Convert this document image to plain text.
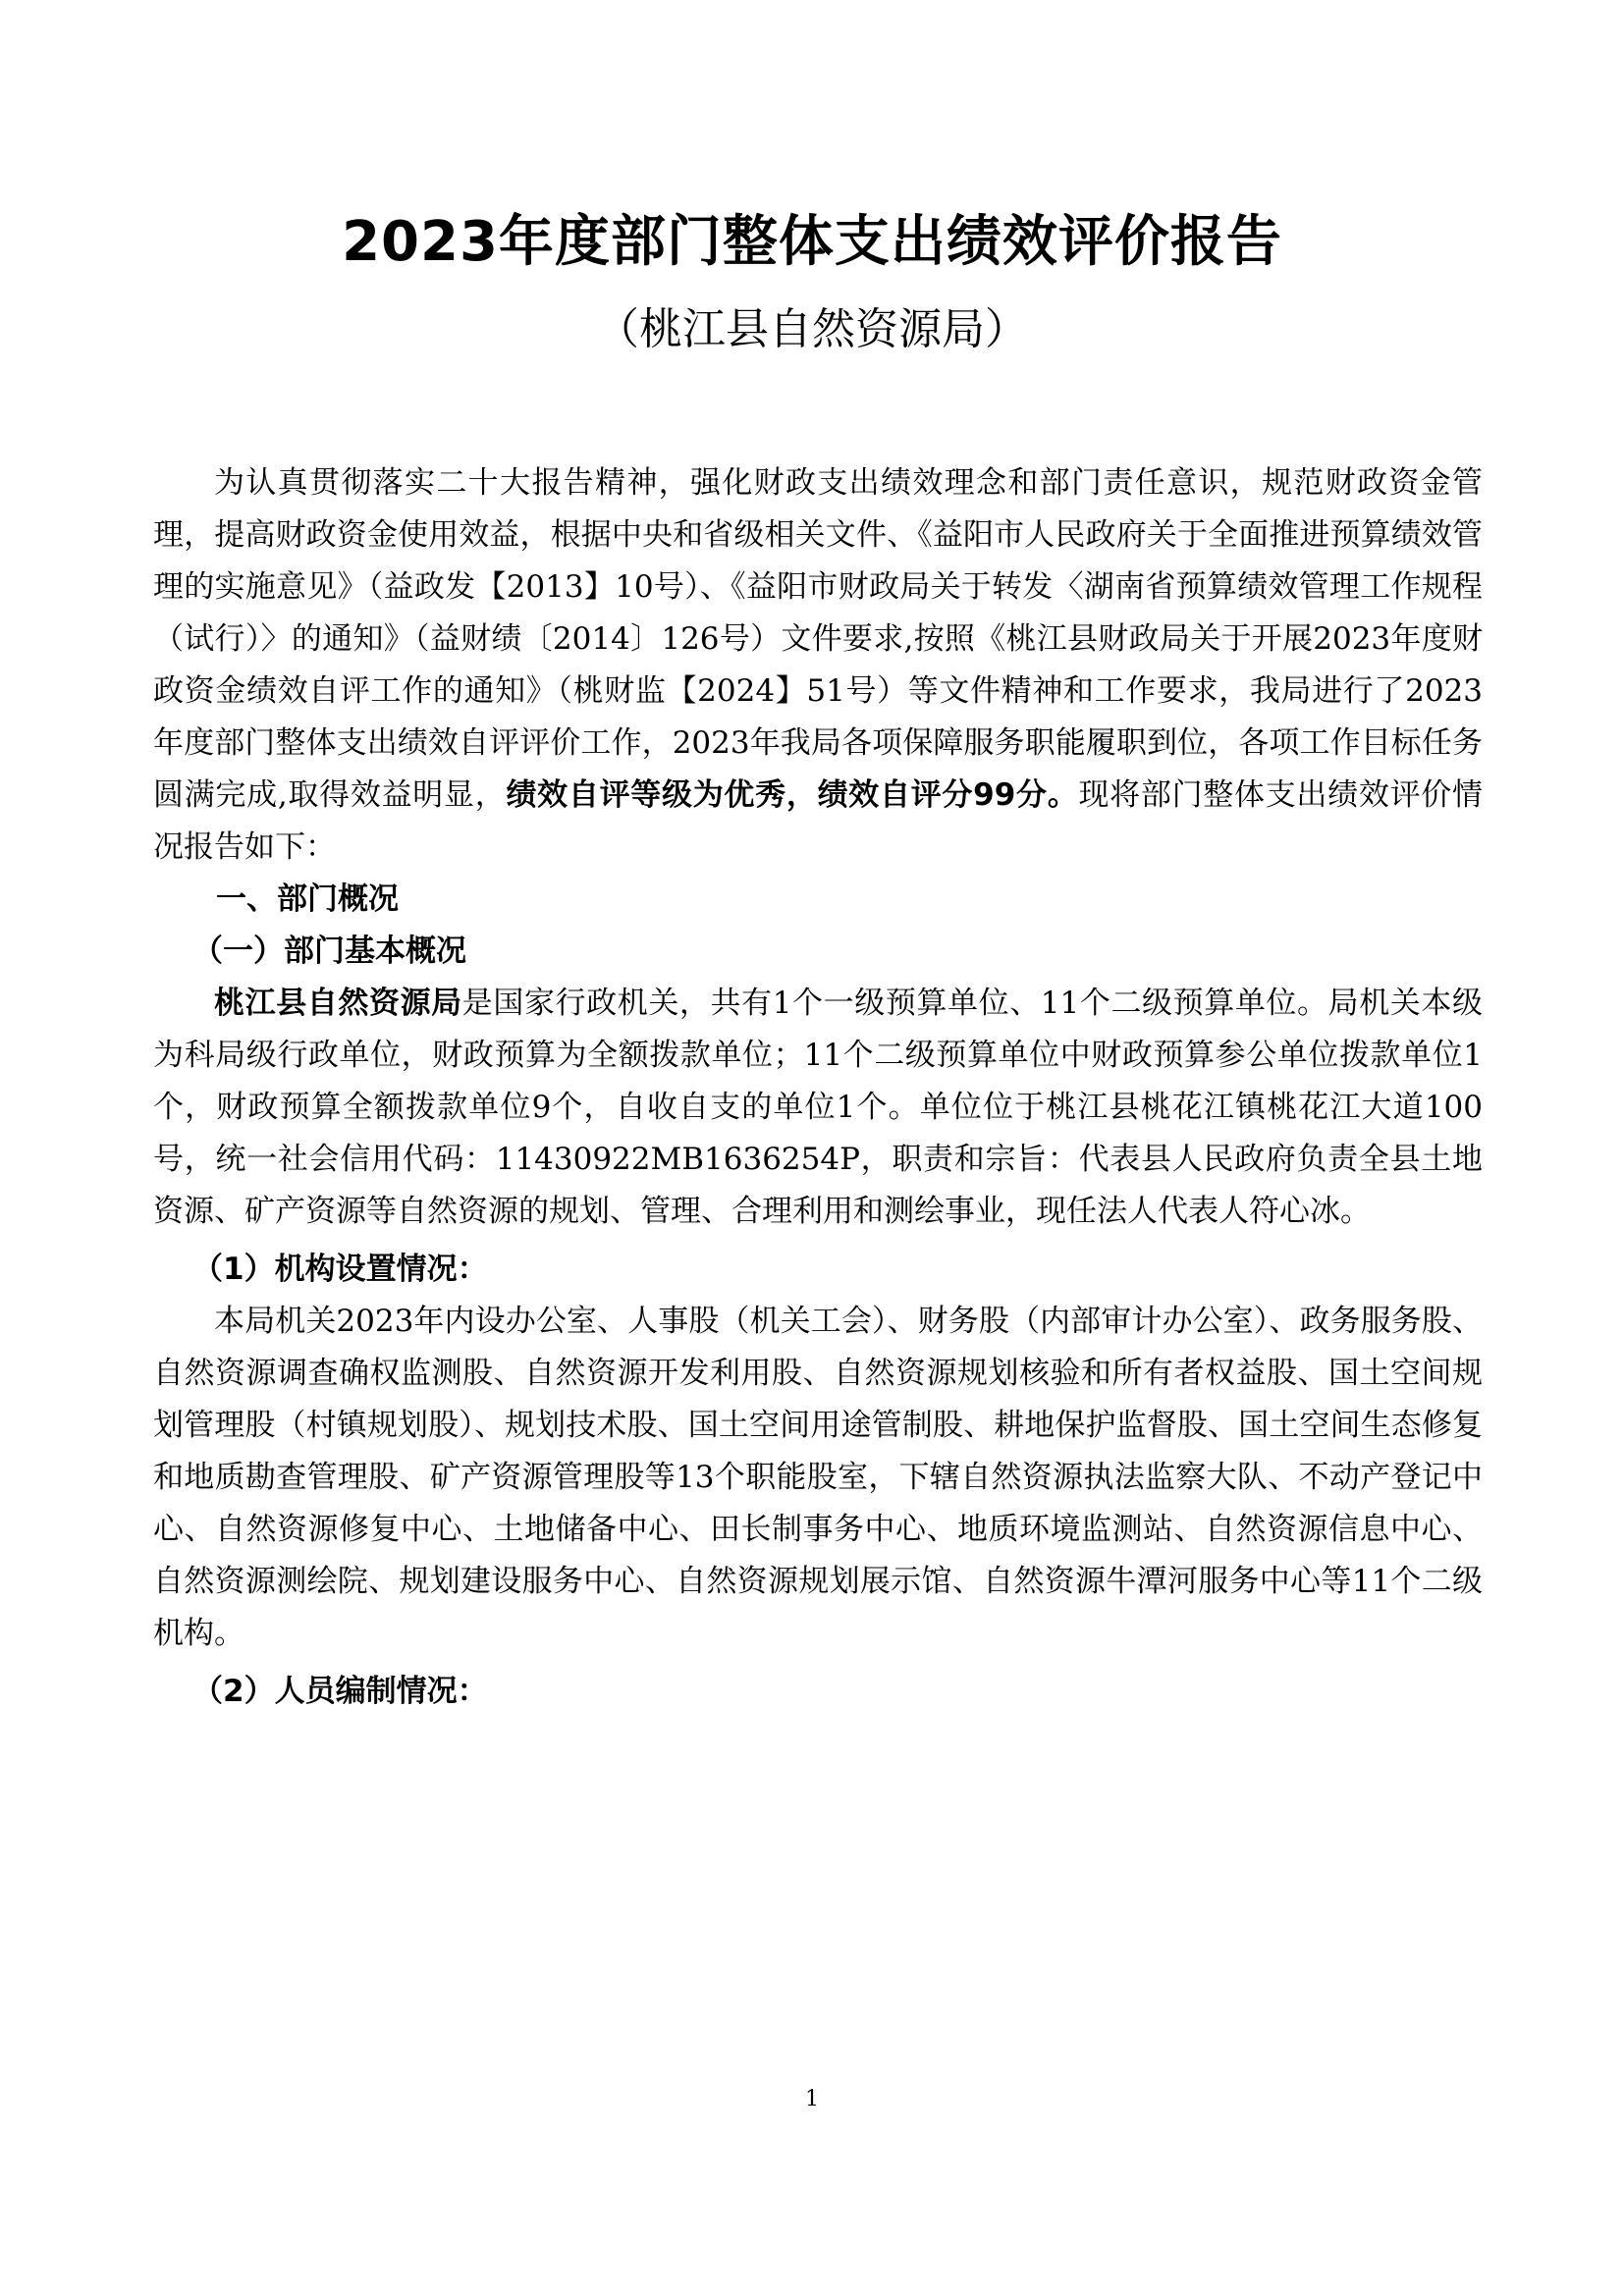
2023年度部门整体支出绩效评价报告
（桃江县自然资源局）

为认真贯彻落实二十大报告精神，强化财政支出绩效理念和部门责任意识，规范财政资金管理，提高财政资金使用效益，根据中央和省级相关文件、《益阳市人民政府关于全面推进预算绩效管理的实施意见》（益政发【2013】10号）、《益阳市财政局关于转发〈湖南省预算绩效管理工作规程（试行）〉的通知》（益财绩〔2014〕126号）文件要求,按照《桃江县财政局关于开展2023年度财政资金绩效自评工作的通知》（桃财监【2024】51号）等文件精神和工作要求，我局进行了2023年度部门整体支出绩效自评评价工作，2023年我局各项保障服务职能履职到位，各项工作目标任务圆满完成,取得效益明显，绩效自评等级为优秀，绩效自评分99分。现将部门整体支出绩效评价情况报告如下：

一、部门概况

（一）部门基本概况

桃江县自然资源局是国家行政机关，共有1个一级预算单位、11个二级预算单位。局机关本级为科局级行政单位，财政预算为全额拨款单位；11个二级预算单位中财政预算参公单位拨款单位1个，财政预算全额拨款单位9个，自收自支的单位1个。单位位于桃江县桃花江镇桃花江大道100号，统一社会信用代码：11430922MB1636254P，职责和宗旨：代表县人民政府负责全县土地资源、矿产资源等自然资源的规划、管理、合理利用和测绘事业，现任法人代表人符心冰。

（1）机构设置情况：

本局机关2023年内设办公室、人事股（机关工会）、财务股（内部审计办公室）、政务服务股、自然资源调查确权监测股、自然资源开发利用股、自然资源规划核验和所有者权益股、国土空间规划管理股（村镇规划股）、规划技术股、国土空间用途管制股、耕地保护监督股、国土空间生态修复和地质勘查管理股、矿产资源管理股等13个职能股室，下辖自然资源执法监察大队、不动产登记中心、自然资源修复中心、土地储备中心、田长制事务中心、地质环境监测站、自然资源信息中心、自然资源测绘院、规划建设服务中心、自然资源规划展示馆、自然资源牛潭河服务中心等11个二级机构。

（2）人员编制情况：

1
